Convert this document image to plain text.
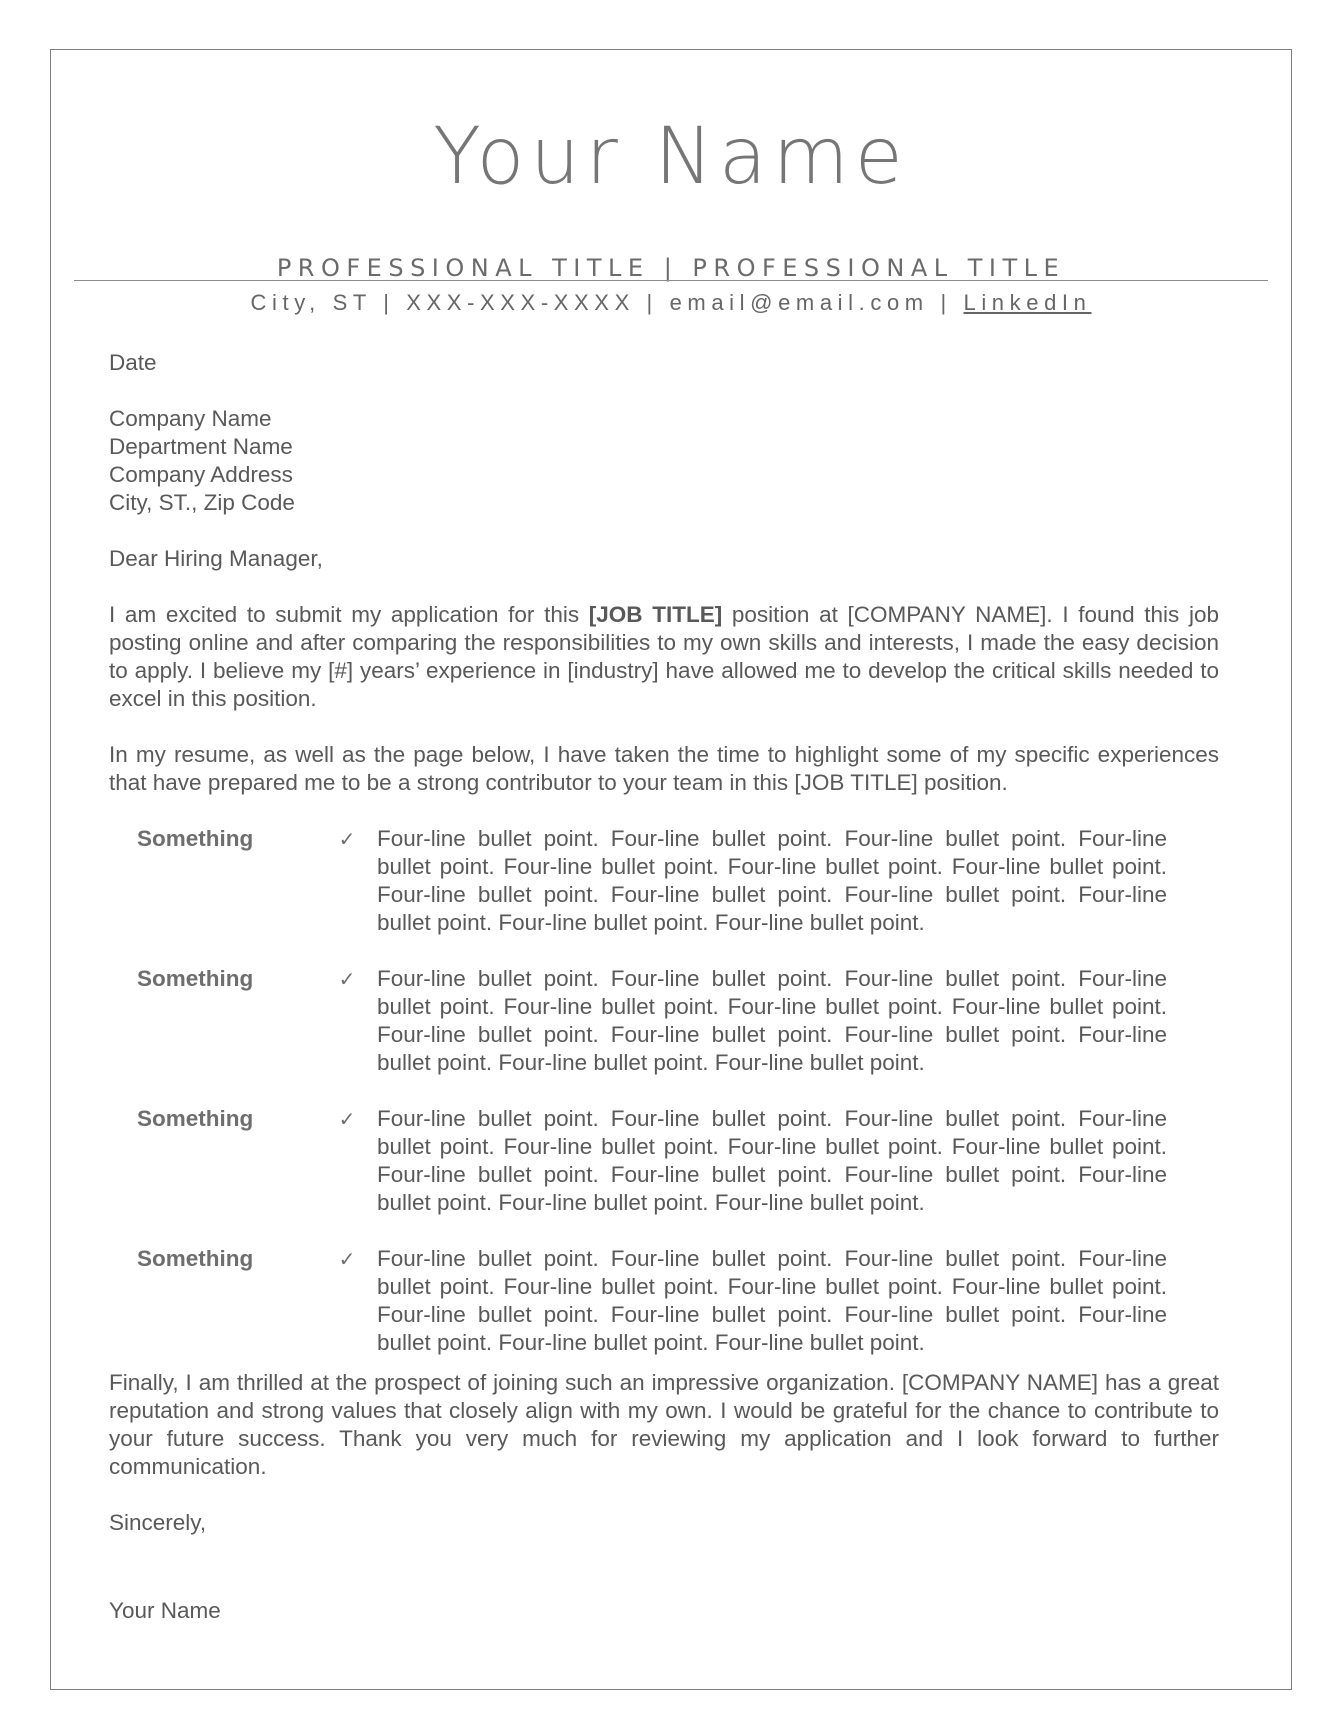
Your Name
PROFESSIONAL TITLE | PROFESSIONAL TITLE
City, ST | XXX-XXX-XXXX | email@email.com | LinkedIn

Date

Company Name

Department Name

Company Address

City, ST., Zip Code

Dear Hiring Manager,

I am excited to submit my application for this [JOB TITLE] position at [COMPANY NAME]. I found this job posting online and after comparing the responsibilities to my own skills and interests, I made the easy decision to apply. I believe my [#] years’ experience in [industry] have allowed me to develop the critical skills needed to excel in this position.

In my resume, as well as the page below, I have taken the time to highlight some of my specific experiences that have prepared me to be a strong contributor to your team in this [JOB TITLE] position.

Something	✓ Four-line bullet point. Four-line bullet point. Four-line bullet point. Four-line bullet point. Four-line bullet point. Four-line bullet point. Four-line bullet point. Four-line bullet point. Four-line bullet point. Four-line bullet point. Four-line bullet point. Four-line bullet point. Four-line bullet point.
Something	✓ Four-line bullet point. Four-line bullet point. Four-line bullet point. Four-line bullet point. Four-line bullet point. Four-line bullet point. Four-line bullet point. Four-line bullet point. Four-line bullet point. Four-line bullet point. Four-line bullet point. Four-line bullet point. Four-line bullet point.
Something	✓ Four-line bullet point. Four-line bullet point. Four-line bullet point. Four-line bullet point. Four-line bullet point. Four-line bullet point. Four-line bullet point. Four-line bullet point. Four-line bullet point. Four-line bullet point. Four-line bullet point. Four-line bullet point. Four-line bullet point.
Something	✓ Four-line bullet point. Four-line bullet point. Four-line bullet point. Four-line bullet point. Four-line bullet point. Four-line bullet point. Four-line bullet point. Four-line bullet point. Four-line bullet point. Four-line bullet point. Four-line bullet point. Four-line bullet point. Four-line bullet point.

Finally, I am thrilled at the prospect of joining such an impressive organization. [COMPANY NAME] has a great reputation and strong values that closely align with my own. I would be grateful for the chance to contribute to your future success. Thank you very much for reviewing my application and I look forward to further communication.

Sincerely,

Your Name
